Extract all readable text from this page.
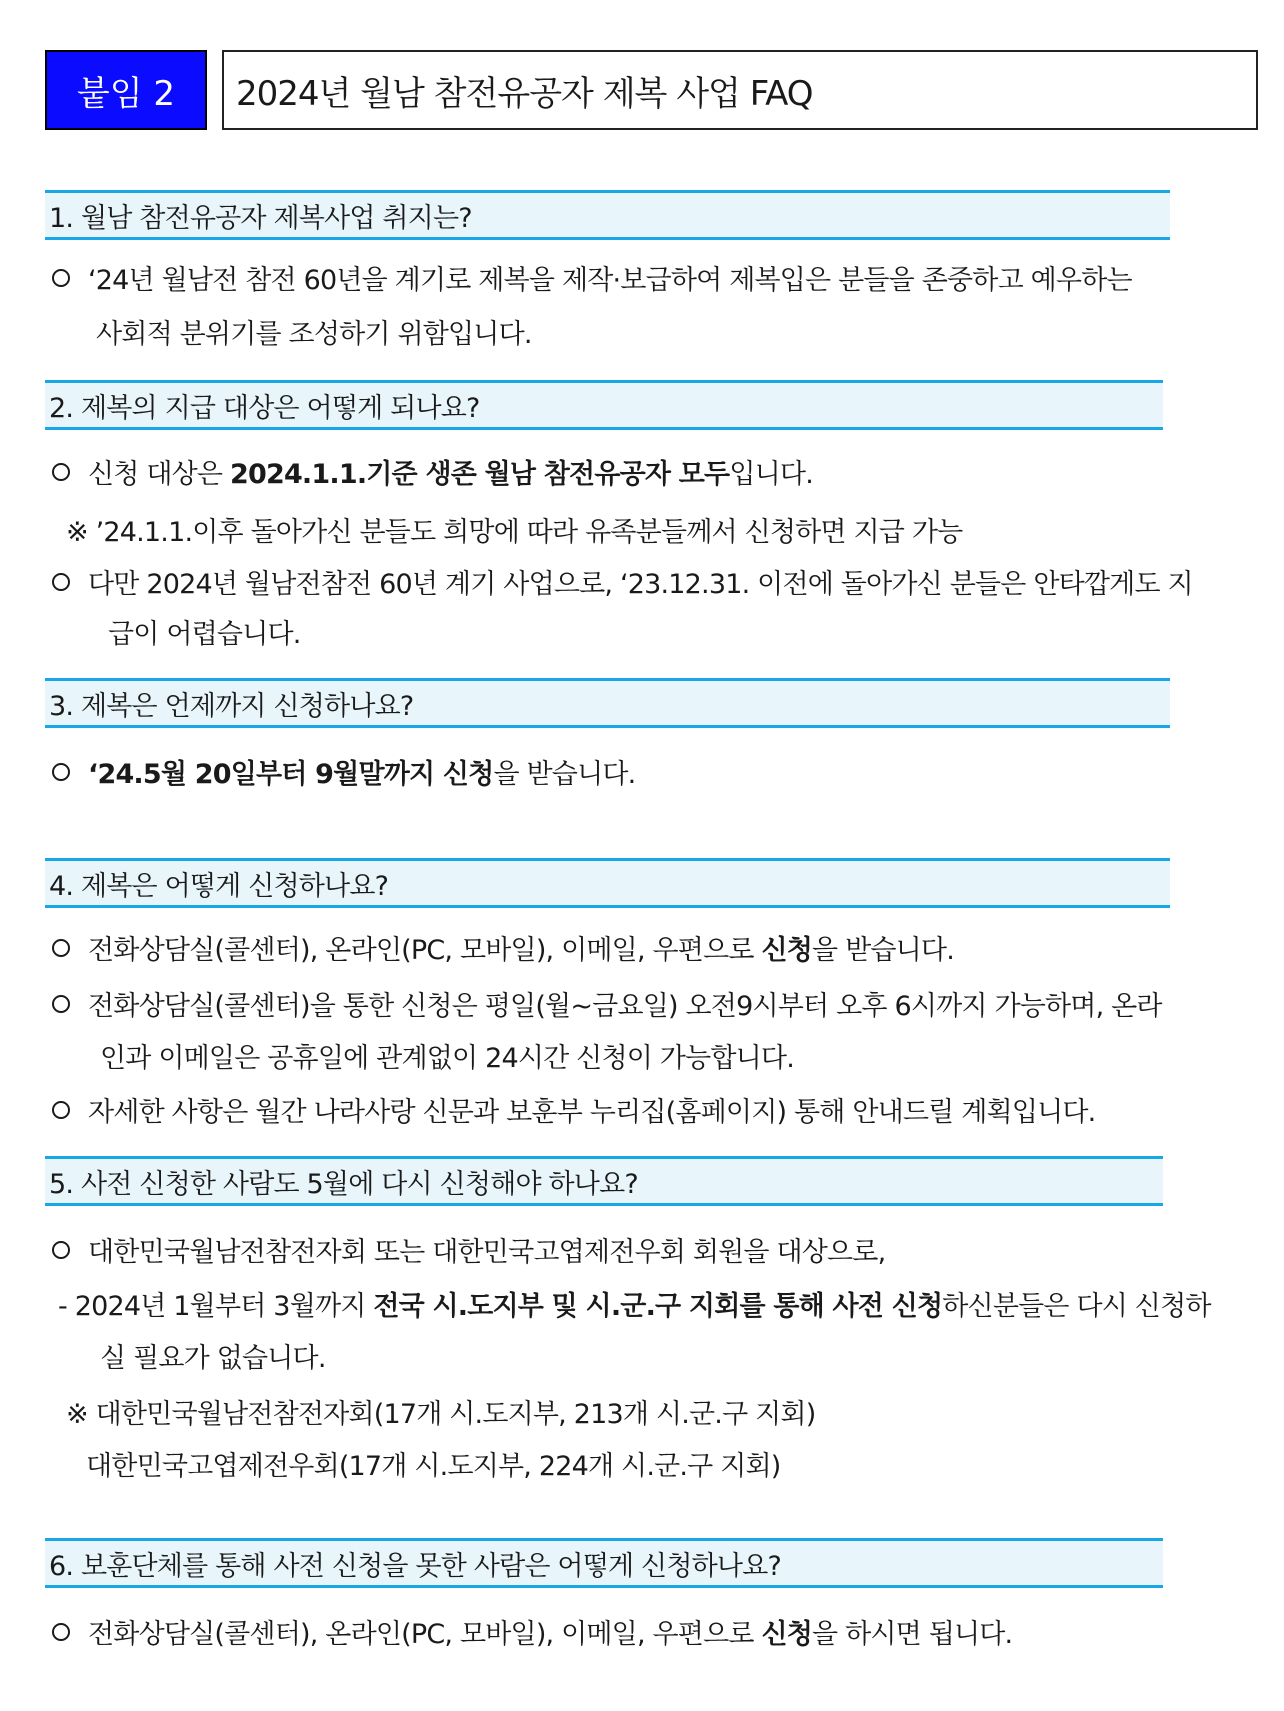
붙임 2	2024년 월남 참전유공자 제복 사업 FAQ
1. 월남 참전유공자 제복사업 취지는?
‘24년 월남전 참전 60년을 계기로 제복을 제작·보급하여 제복입은 분들을 존중하고 예우하는
사회적 분위기를 조성하기 위함입니다.
2. 제복의 지급 대상은 어떻게 되나요?
신청 대상은 2024.1.1.기준 생존 월남 참전유공자 모두입니다.
※ ’24.1.1.이후 돌아가신 분들도 희망에 따라 유족분들께서 신청하면 지급 가능
다만 2024년 월남전참전 60년 계기 사업으로, ‘23.12.31. 이전에 돌아가신 분들은 안타깝게도 지
급이 어렵습니다.
3. 제복은 언제까지 신청하나요?
‘24.5월 20일부터 9월말까지 신청을 받습니다.
4. 제복은 어떻게 신청하나요?
전화상담실(콜센터), 온라인(PC, 모바일), 이메일, 우편으로 신청을 받습니다.
전화상담실(콜센터)을 통한 신청은 평일(월~금요일) 오전9시부터 오후 6시까지 가능하며, 온라
인과 이메일은 공휴일에 관계없이 24시간 신청이 가능합니다.
자세한 사항은 월간 나라사랑 신문과 보훈부 누리집(홈페이지) 통해 안내드릴 계획입니다.
5. 사전 신청한 사람도 5월에 다시 신청해야 하나요?
대한민국월남전참전자회 또는 대한민국고엽제전우회 회원을 대상으로,
- 2024년 1월부터 3월까지 전국 시.도지부 및 시.군.구 지회를 통해 사전 신청하신분들은 다시 신청하
실 필요가 없습니다.
※ 대한민국월남전참전자회(17개 시.도지부, 213개 시.군.구 지회)
대한민국고엽제전우회(17개 시.도지부, 224개 시.군.구 지회)
6. 보훈단체를 통해 사전 신청을 못한 사람은 어떻게 신청하나요?
전화상담실(콜센터), 온라인(PC, 모바일), 이메일, 우편으로 신청을 하시면 됩니다.
